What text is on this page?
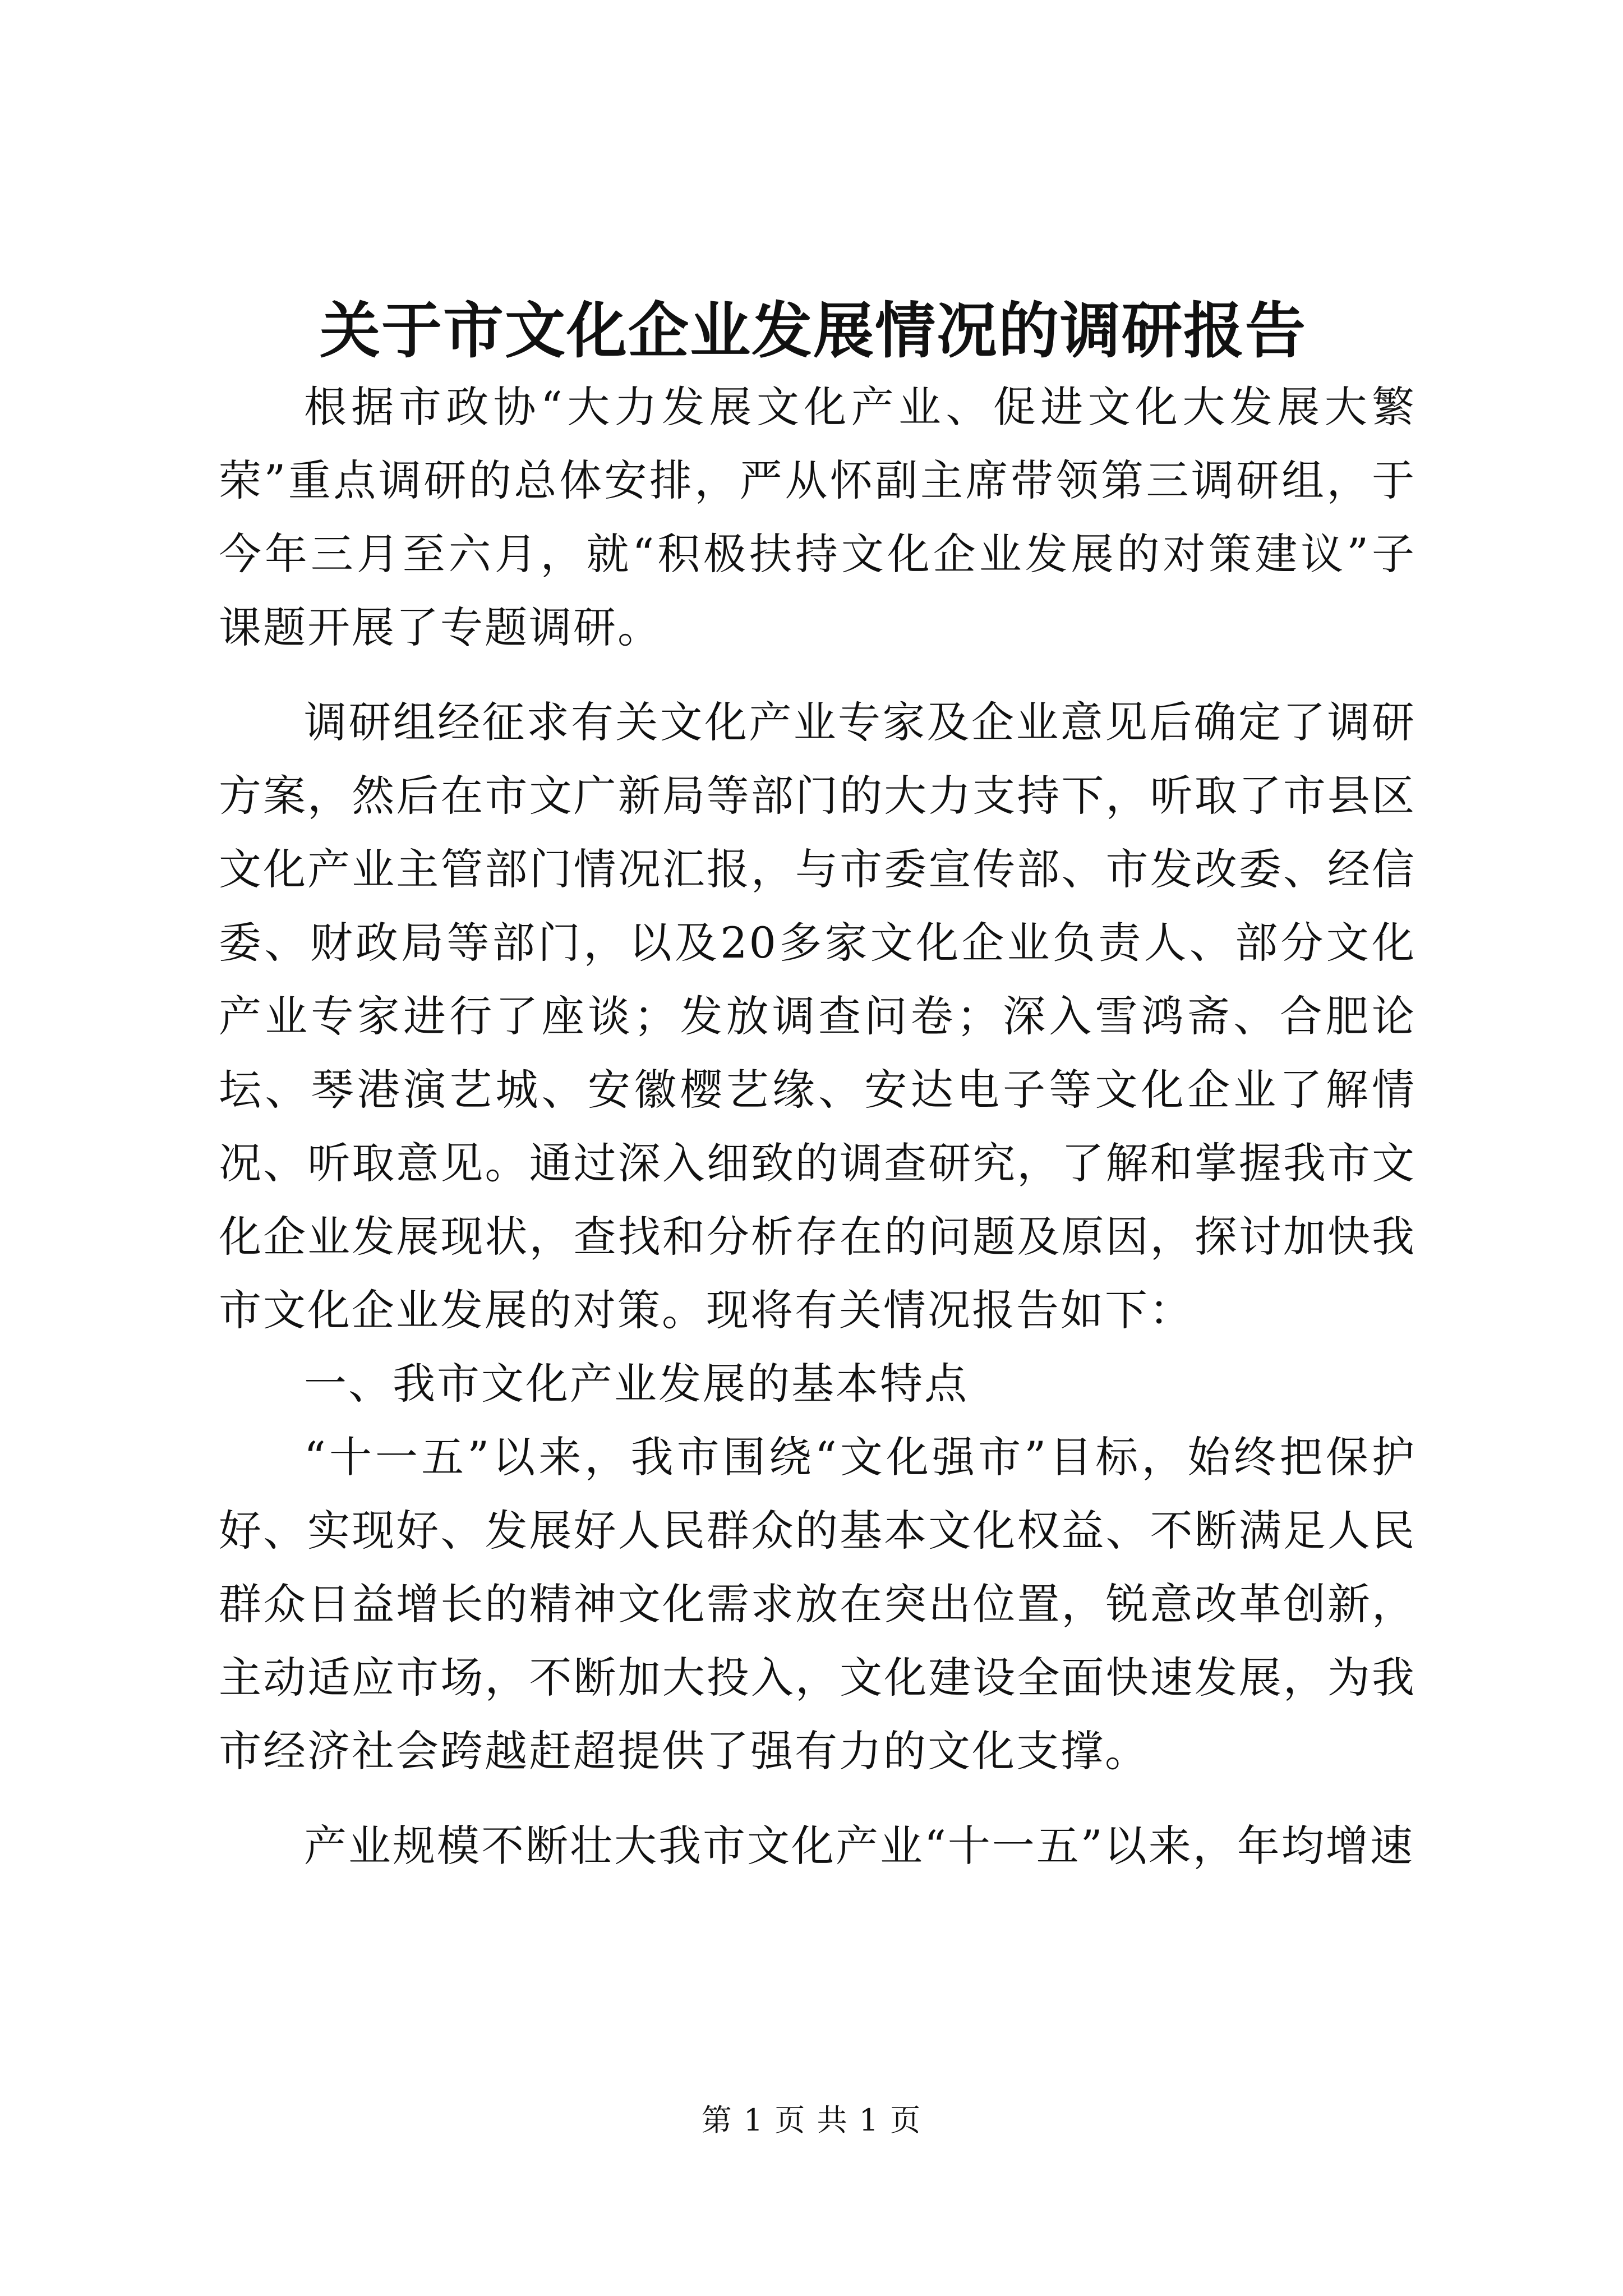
关于市文化企业发展情况的调研报告

根据市政协“大力发展文化产业、促进文化大发展大繁荣”重点调研的总体安排，严从怀副主席带领第三调研组，于今年三月至六月，就“积极扶持文化企业发展的对策建议”子课题开展了专题调研。

调研组经征求有关文化产业专家及企业意见后确定了调研方案，然后在市文广新局等部门的大力支持下，听取了市县区文化产业主管部门情况汇报，与市委宣传部、市发改委、经信委、财政局等部门，以及20多家文化企业负责人、部分文化产业专家进行了座谈；发放调查问卷；深入雪鸿斋、合肥论坛、琴港演艺城、安徽樱艺缘、安达电子等文化企业了解情况、听取意见。通过深入细致的调查研究，了解和掌握我市文化企业发展现状，查找和分析存在的问题及原因，探讨加快我市文化企业发展的对策。现将有关情况报告如下：

一、我市文化产业发展的基本特点

“十一五”以来，我市围绕“文化强市”目标，始终把保护好、实现好、发展好人民群众的基本文化权益、不断满足人民群众日益增长的精神文化需求放在突出位置，锐意改革创新，主动适应市场，不断加大投入，文化建设全面快速发展，为我市经济社会跨越赶超提供了强有力的文化支撑。

产业规模不断壮大我市文化产业“十一五”以来，年均增速

第 1 页 共 1 页
